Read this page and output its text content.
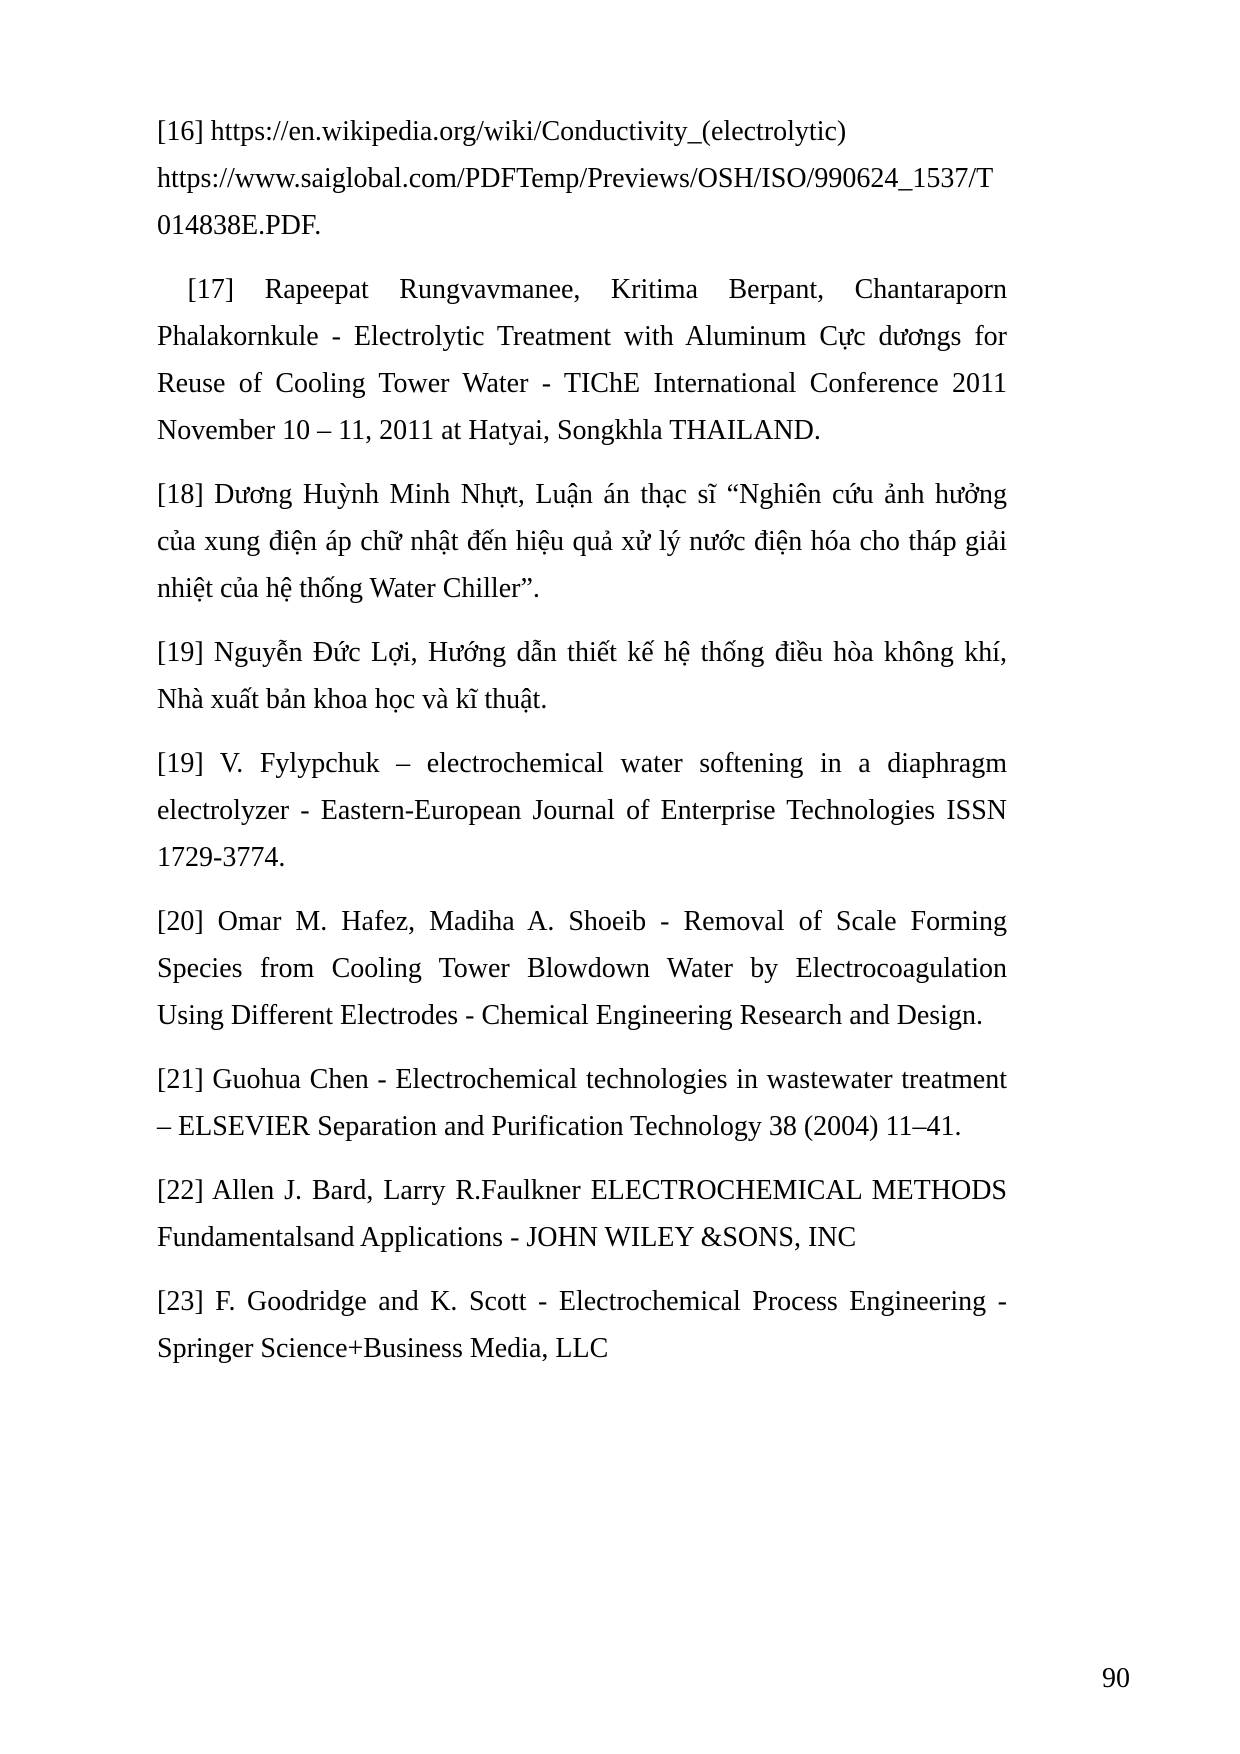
[16] https://en.wikipedia.org/wiki/Conductivity_(electrolytic)
https://www.saiglobal.com/PDFTemp/Previews/OSH/ISO/990624_1537/T014838E.PDF.

[17] Rapeepat Rungvavmanee, Kritima Berpant, Chantaraporn Phalakornkule - Electrolytic Treatment with Aluminum Cực dươngs for Reuse of Cooling Tower Water - TIChE International Conference 2011 November 10 – 11, 2011 at Hatyai, Songkhla THAILAND.

[18] Dương Huỳnh Minh Nhựt, Luận án thạc sĩ “Nghiên cứu ảnh hưởng của xung điện áp chữ nhật đến hiệu quả xử lý nước điện hóa cho tháp giải nhiệt của hệ thống Water Chiller”.

[19] Nguyễn Đức Lợi, Hướng dẫn thiết kế hệ thống điều hòa không khí, Nhà xuất bản khoa học và kĩ thuật.

[19] V. Fylypchuk – electrochemical water softening in a diaphragm electrolyzer - Eastern-European Journal of Enterprise Technologies ISSN 1729-3774.

[20] Omar M. Hafez, Madiha A. Shoeib - Removal of Scale Forming Species from Cooling Tower Blowdown Water by Electrocoagulation Using Different Electrodes - Chemical Engineering Research and Design.

[21] Guohua Chen - Electrochemical technologies in wastewater treatment – ELSEVIER Separation and Purification Technology 38 (2004) 11–41.

[22] Allen J. Bard, Larry R.Faulkner ELECTROCHEMICAL METHODS Fundamentalsand Applications - JOHN WILEY &SONS, INC

[23] F. Goodridge and K. Scott - Electrochemical Process Engineering - Springer Science+Business Media, LLC

90
